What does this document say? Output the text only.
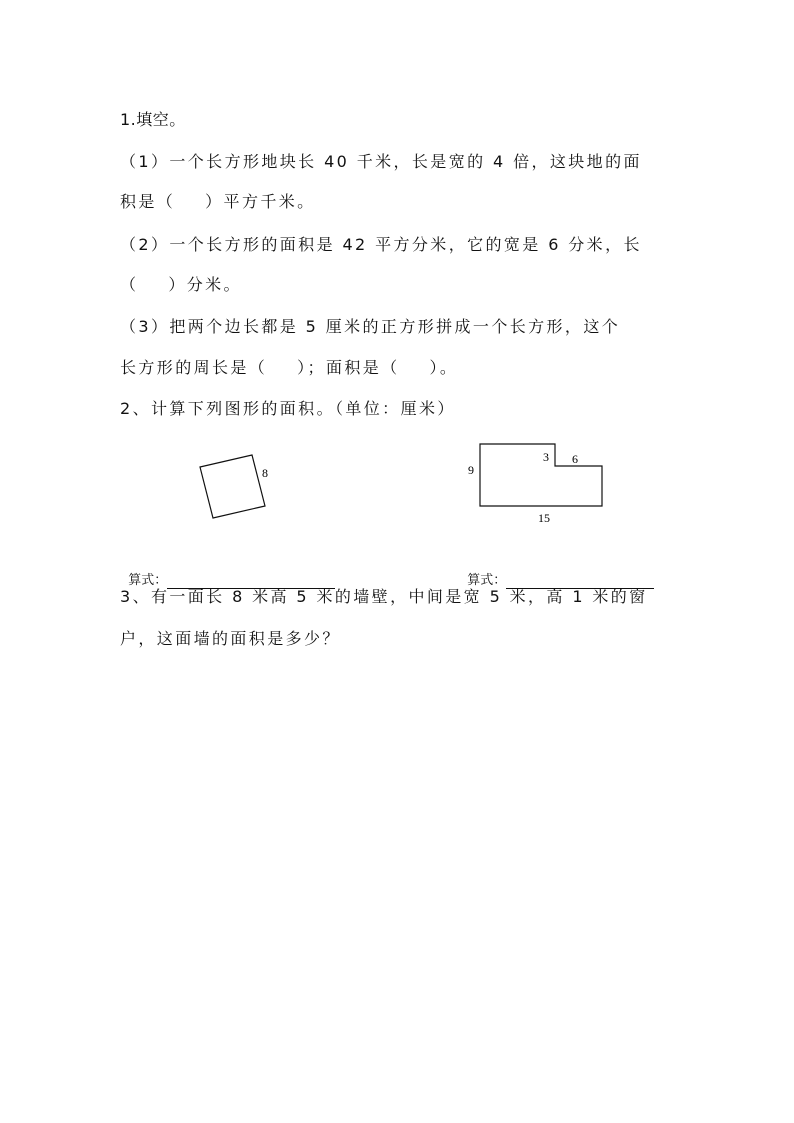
1.填空。
（1）一个长方形地块长 40 千米，长是宽的 4 倍，这块地的面
积是（    ）平方千米。
（2）一个长方形的面积是 42 平方分米，它的宽是 6 分米，长
（    ）分米。
（3）把两个边长都是 5 厘米的正方形拼成一个长方形，这个
长方形的周长是（    ）；面积是（    ）。
2、计算下列图形的面积。（单位：厘米）
8	9
3 6
15

算式：	算式：

3、有一面长 8 米高 5 米的墙壁，中间是宽 5 米，高 1 米的窗
户，这面墙的面积是多少？
